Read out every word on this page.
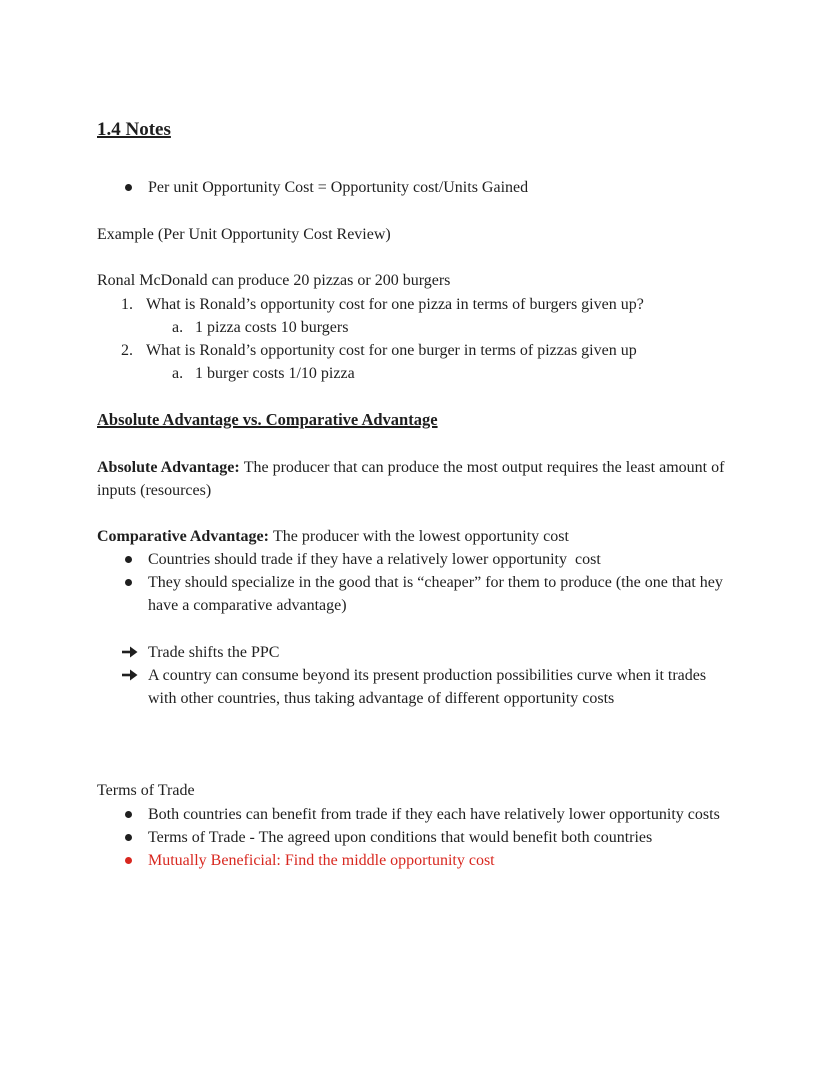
1.4 Notes
Per unit Opportunity Cost = Opportunity cost/Units Gained

Example (Per Unit Opportunity Cost Review)

Ronal McDonald can produce 20 pizzas or 200 burgers

1. What is Ronald’s opportunity cost for one pizza in terms of burgers given up?
a. 1 pizza costs 10 burgers
2. What is Ronald’s opportunity cost for one burger in terms of pizzas given up
a. 1 burger costs 1/10 pizza
Absolute Advantage vs. Comparative Advantage

Absolute Advantage: The producer that can produce the most output requires the least amount of inputs (resources)

Comparative Advantage: The producer with the lowest opportunity cost

Countries should trade if they have a relatively lower opportunity  cost
They should specialize in the good that is “cheaper” for them to produce (the one that hey have a comparative advantage)
Trade shifts the PPC
A country can consume beyond its present production possibilities curve when it trades with other countries, thus taking advantage of different opportunity costs

Terms of Trade

Both countries can benefit from trade if they each have relatively lower opportunity costs
Terms of Trade - The agreed upon conditions that would benefit both countries
Mutually Beneficial: Find the middle opportunity cost
